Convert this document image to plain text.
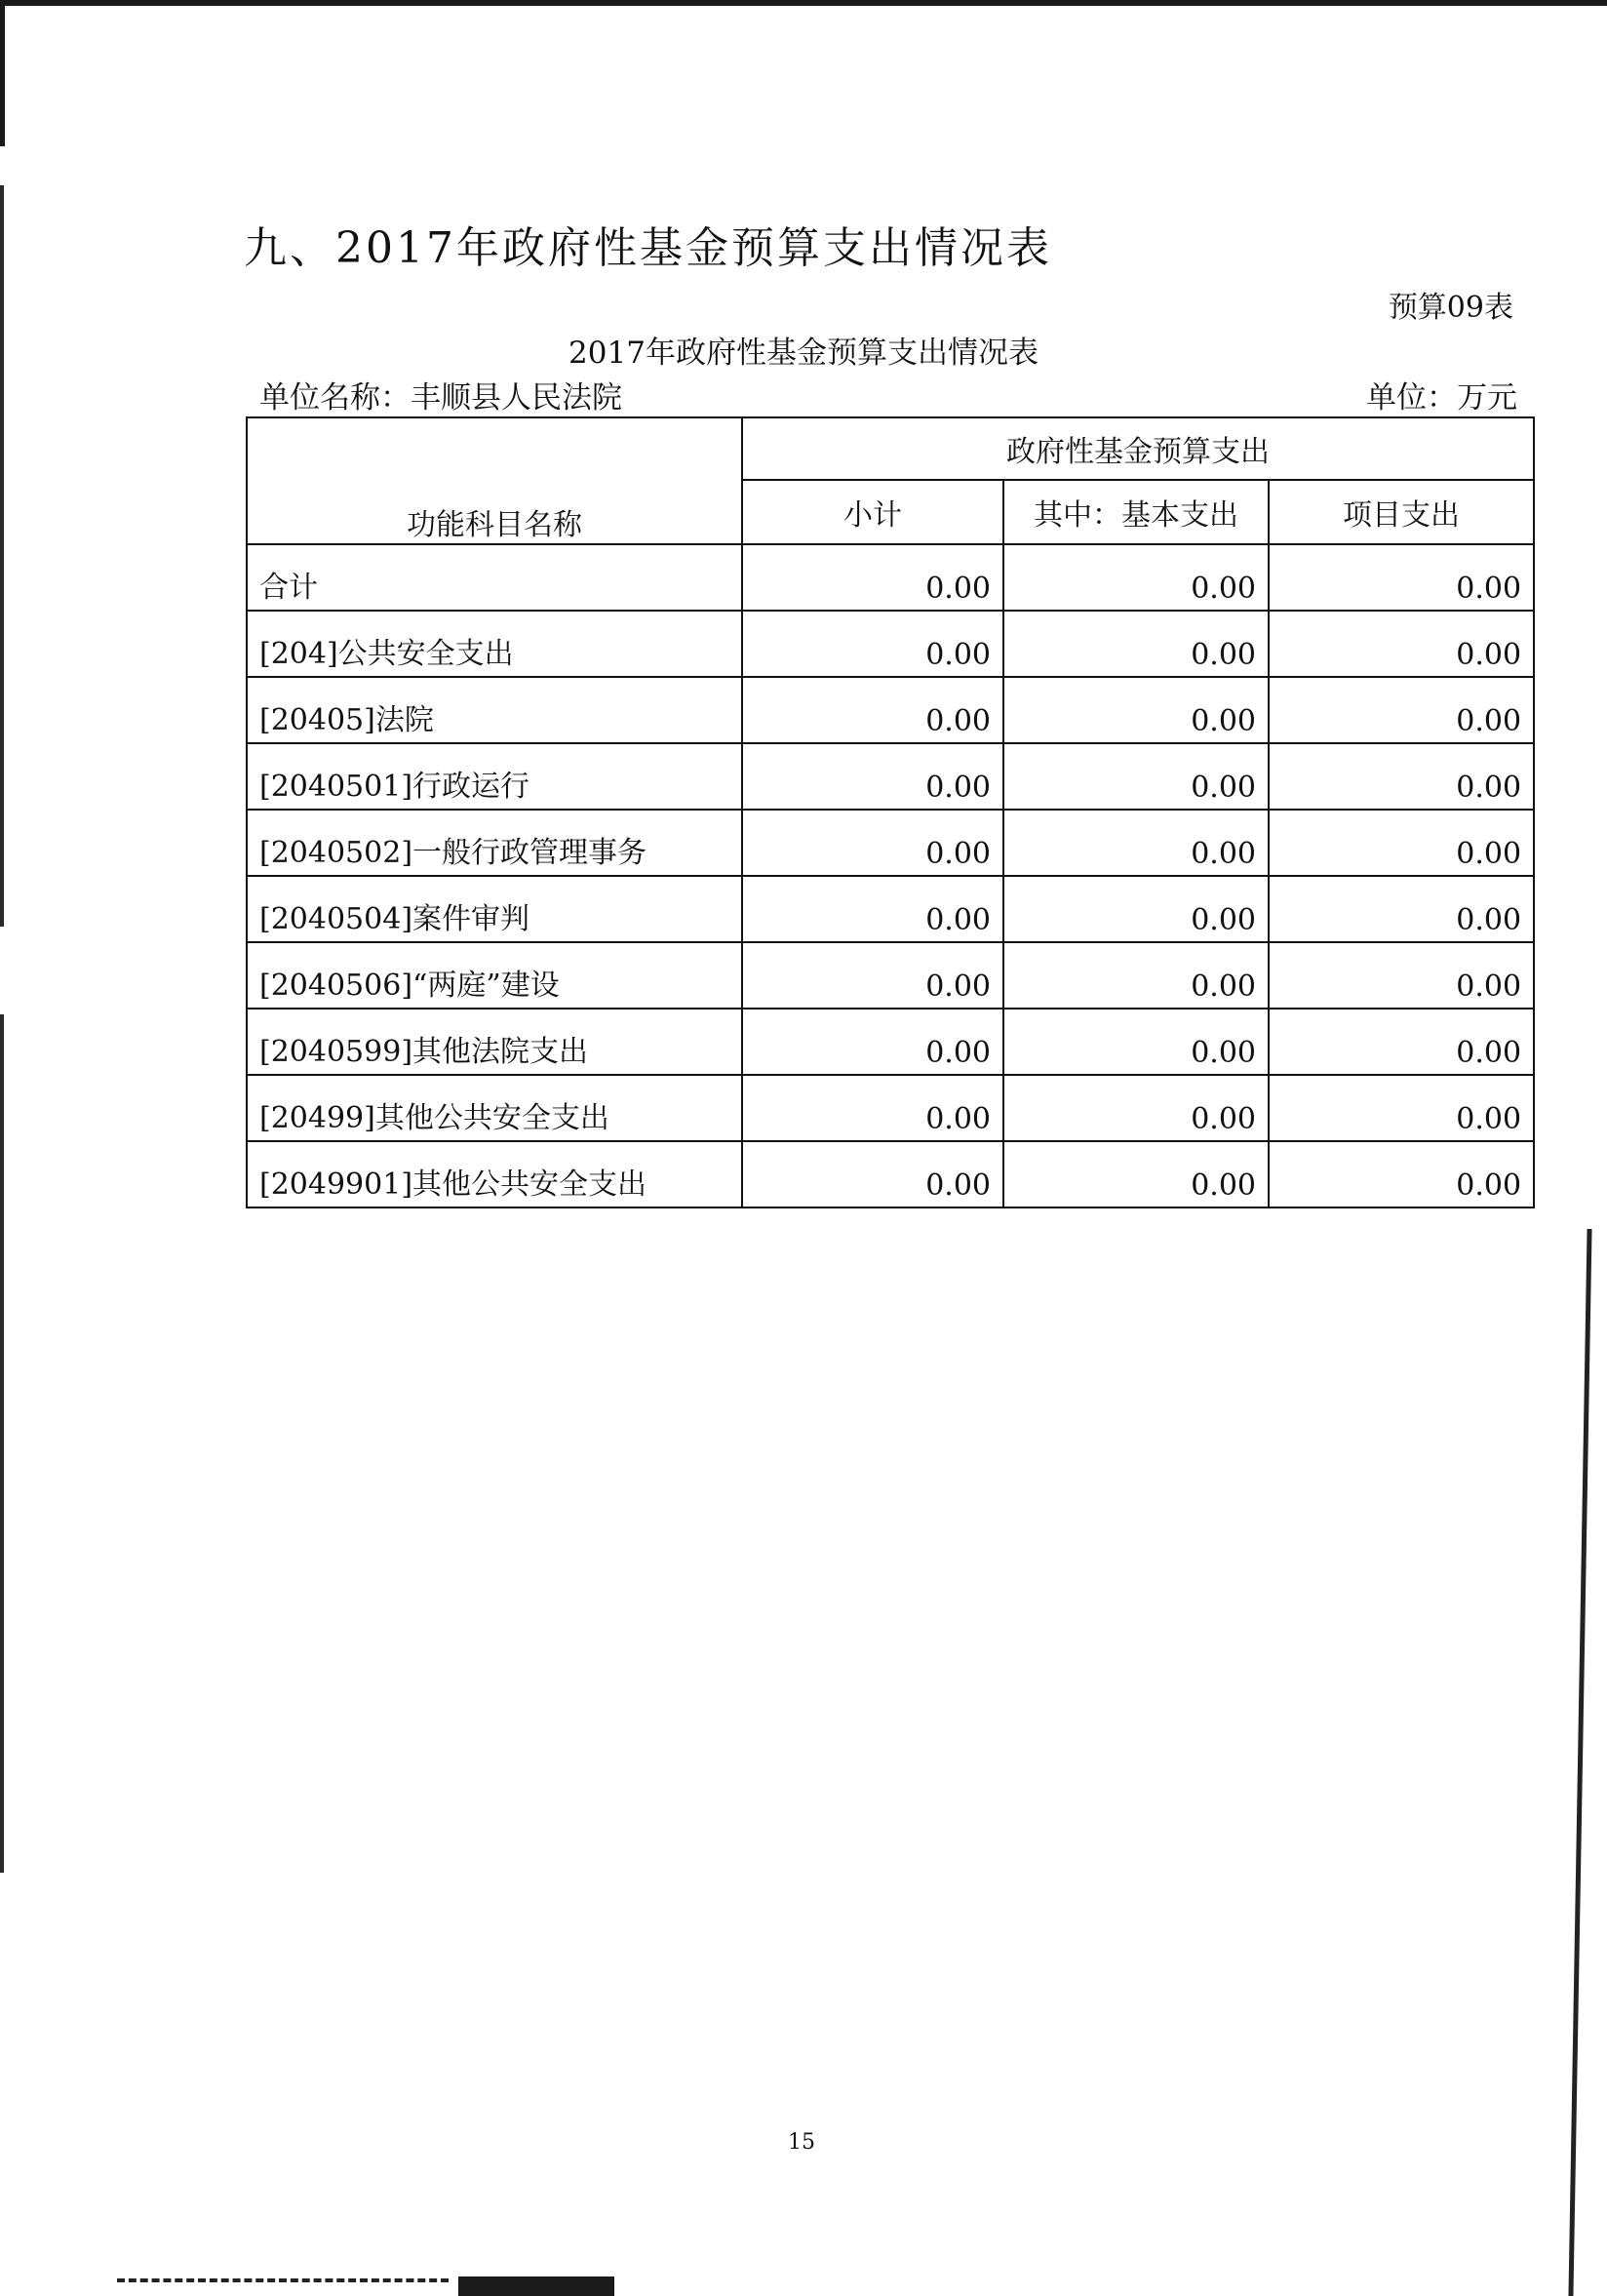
九、2017年政府性基金预算支出情况表
预算09表
2017年政府性基金预算支出情况表
单位名称：丰顺县人民法院	单位：万元
功能科目名称	政府性基金预算支出		
	小计	其中：基本支出	项目支出
合计	0.00	0.00	0.00
[204]公共安全支出	0.00	0.00	0.00
[20405]法院	0.00	0.00	0.00
[2040501]行政运行	0.00	0.00	0.00
[2040502]一般行政管理事务	0.00	0.00	0.00
[2040504]案件审判	0.00	0.00	0.00
[2040506]“两庭”建设	0.00	0.00	0.00
[2040599]其他法院支出	0.00	0.00	0.00
[20499]其他公共安全支出	0.00	0.00	0.00
[2049901]其他公共安全支出	0.00	0.00	0.00
15
